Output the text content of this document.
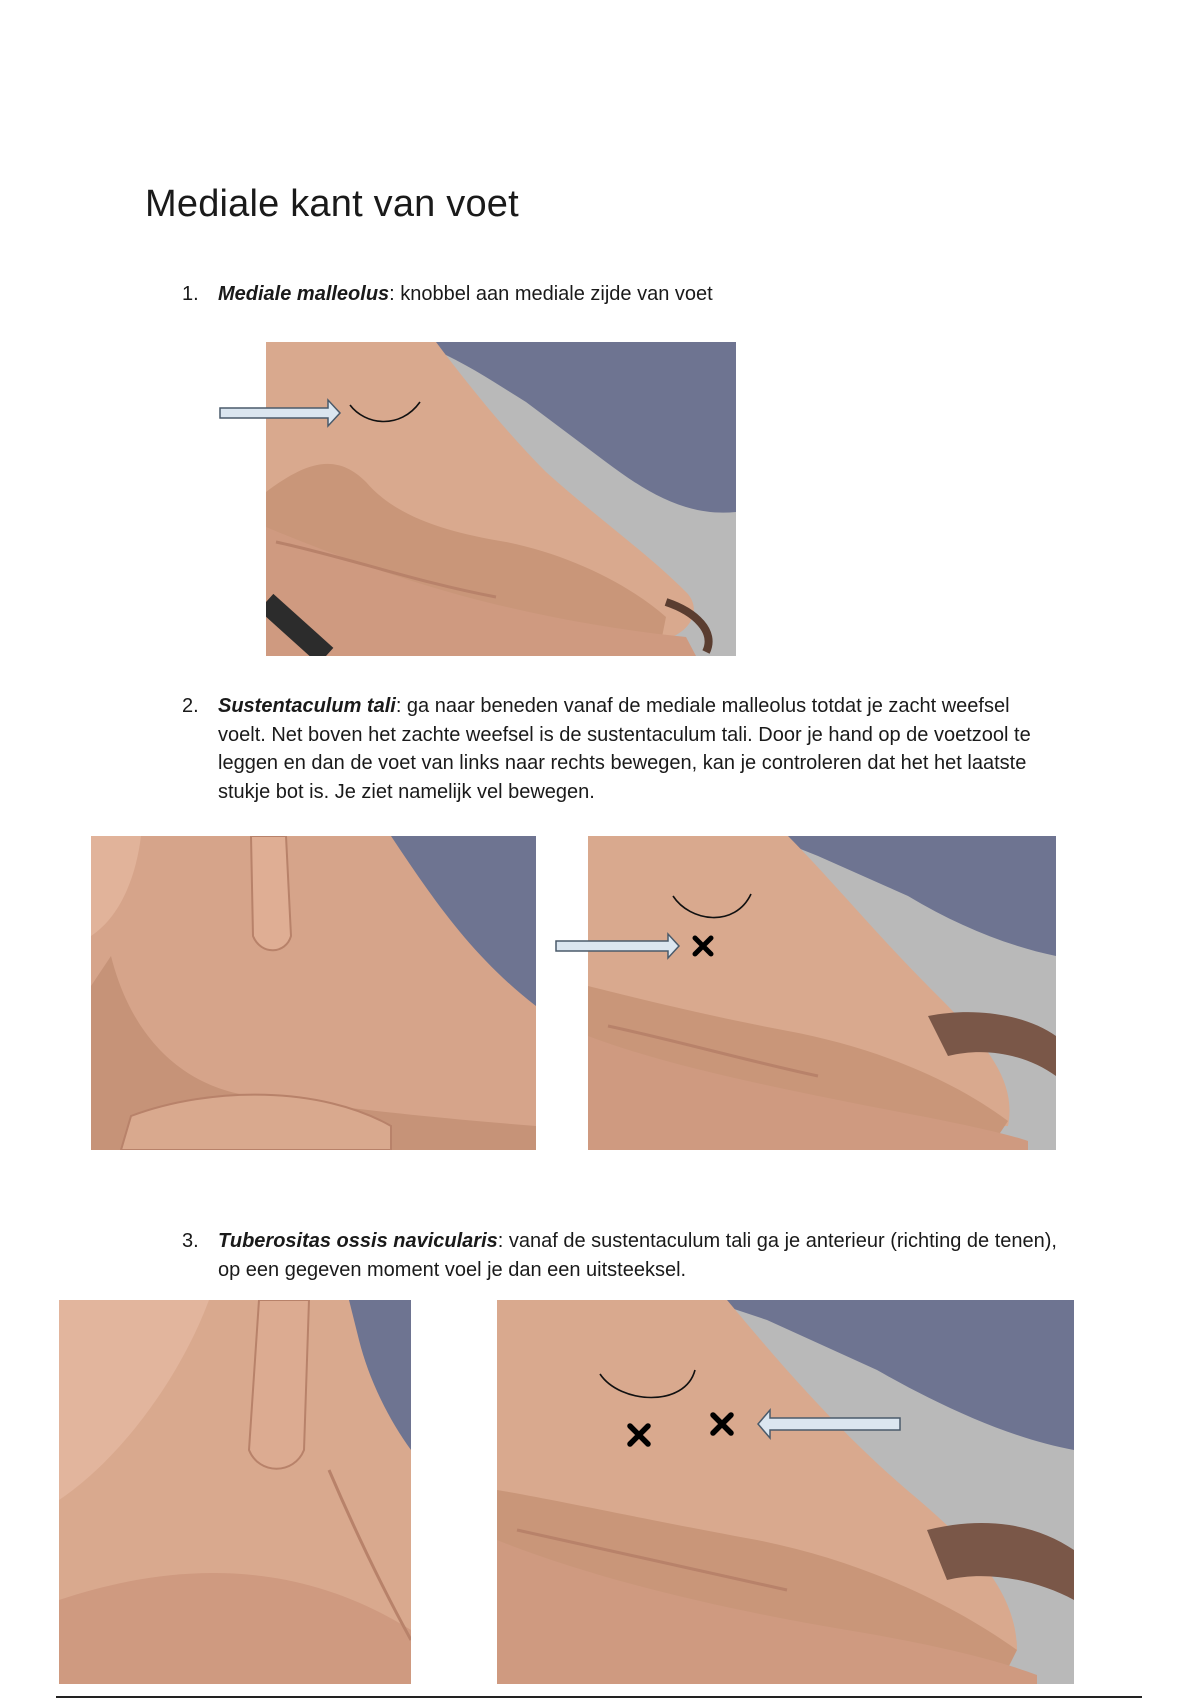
Mediale kant van voet
1. Mediale malleolus: knobbel aan mediale zijde van voet
2. Sustentaculum tali: ga naar beneden vanaf de mediale malleolus totdat je zacht weefsel voelt. Net boven het zachte weefsel is de sustentaculum tali. Door je hand op de voetzool te leggen en dan de voet van links naar rechts bewegen, kan je controleren dat het het laatste stukje bot is. Je ziet namelijk vel bewegen.
3. Tuberositas ossis navicularis: vanaf de sustentaculum tali ga je anterieur (richting de tenen), op een gegeven moment voel je dan een uitsteeksel.
